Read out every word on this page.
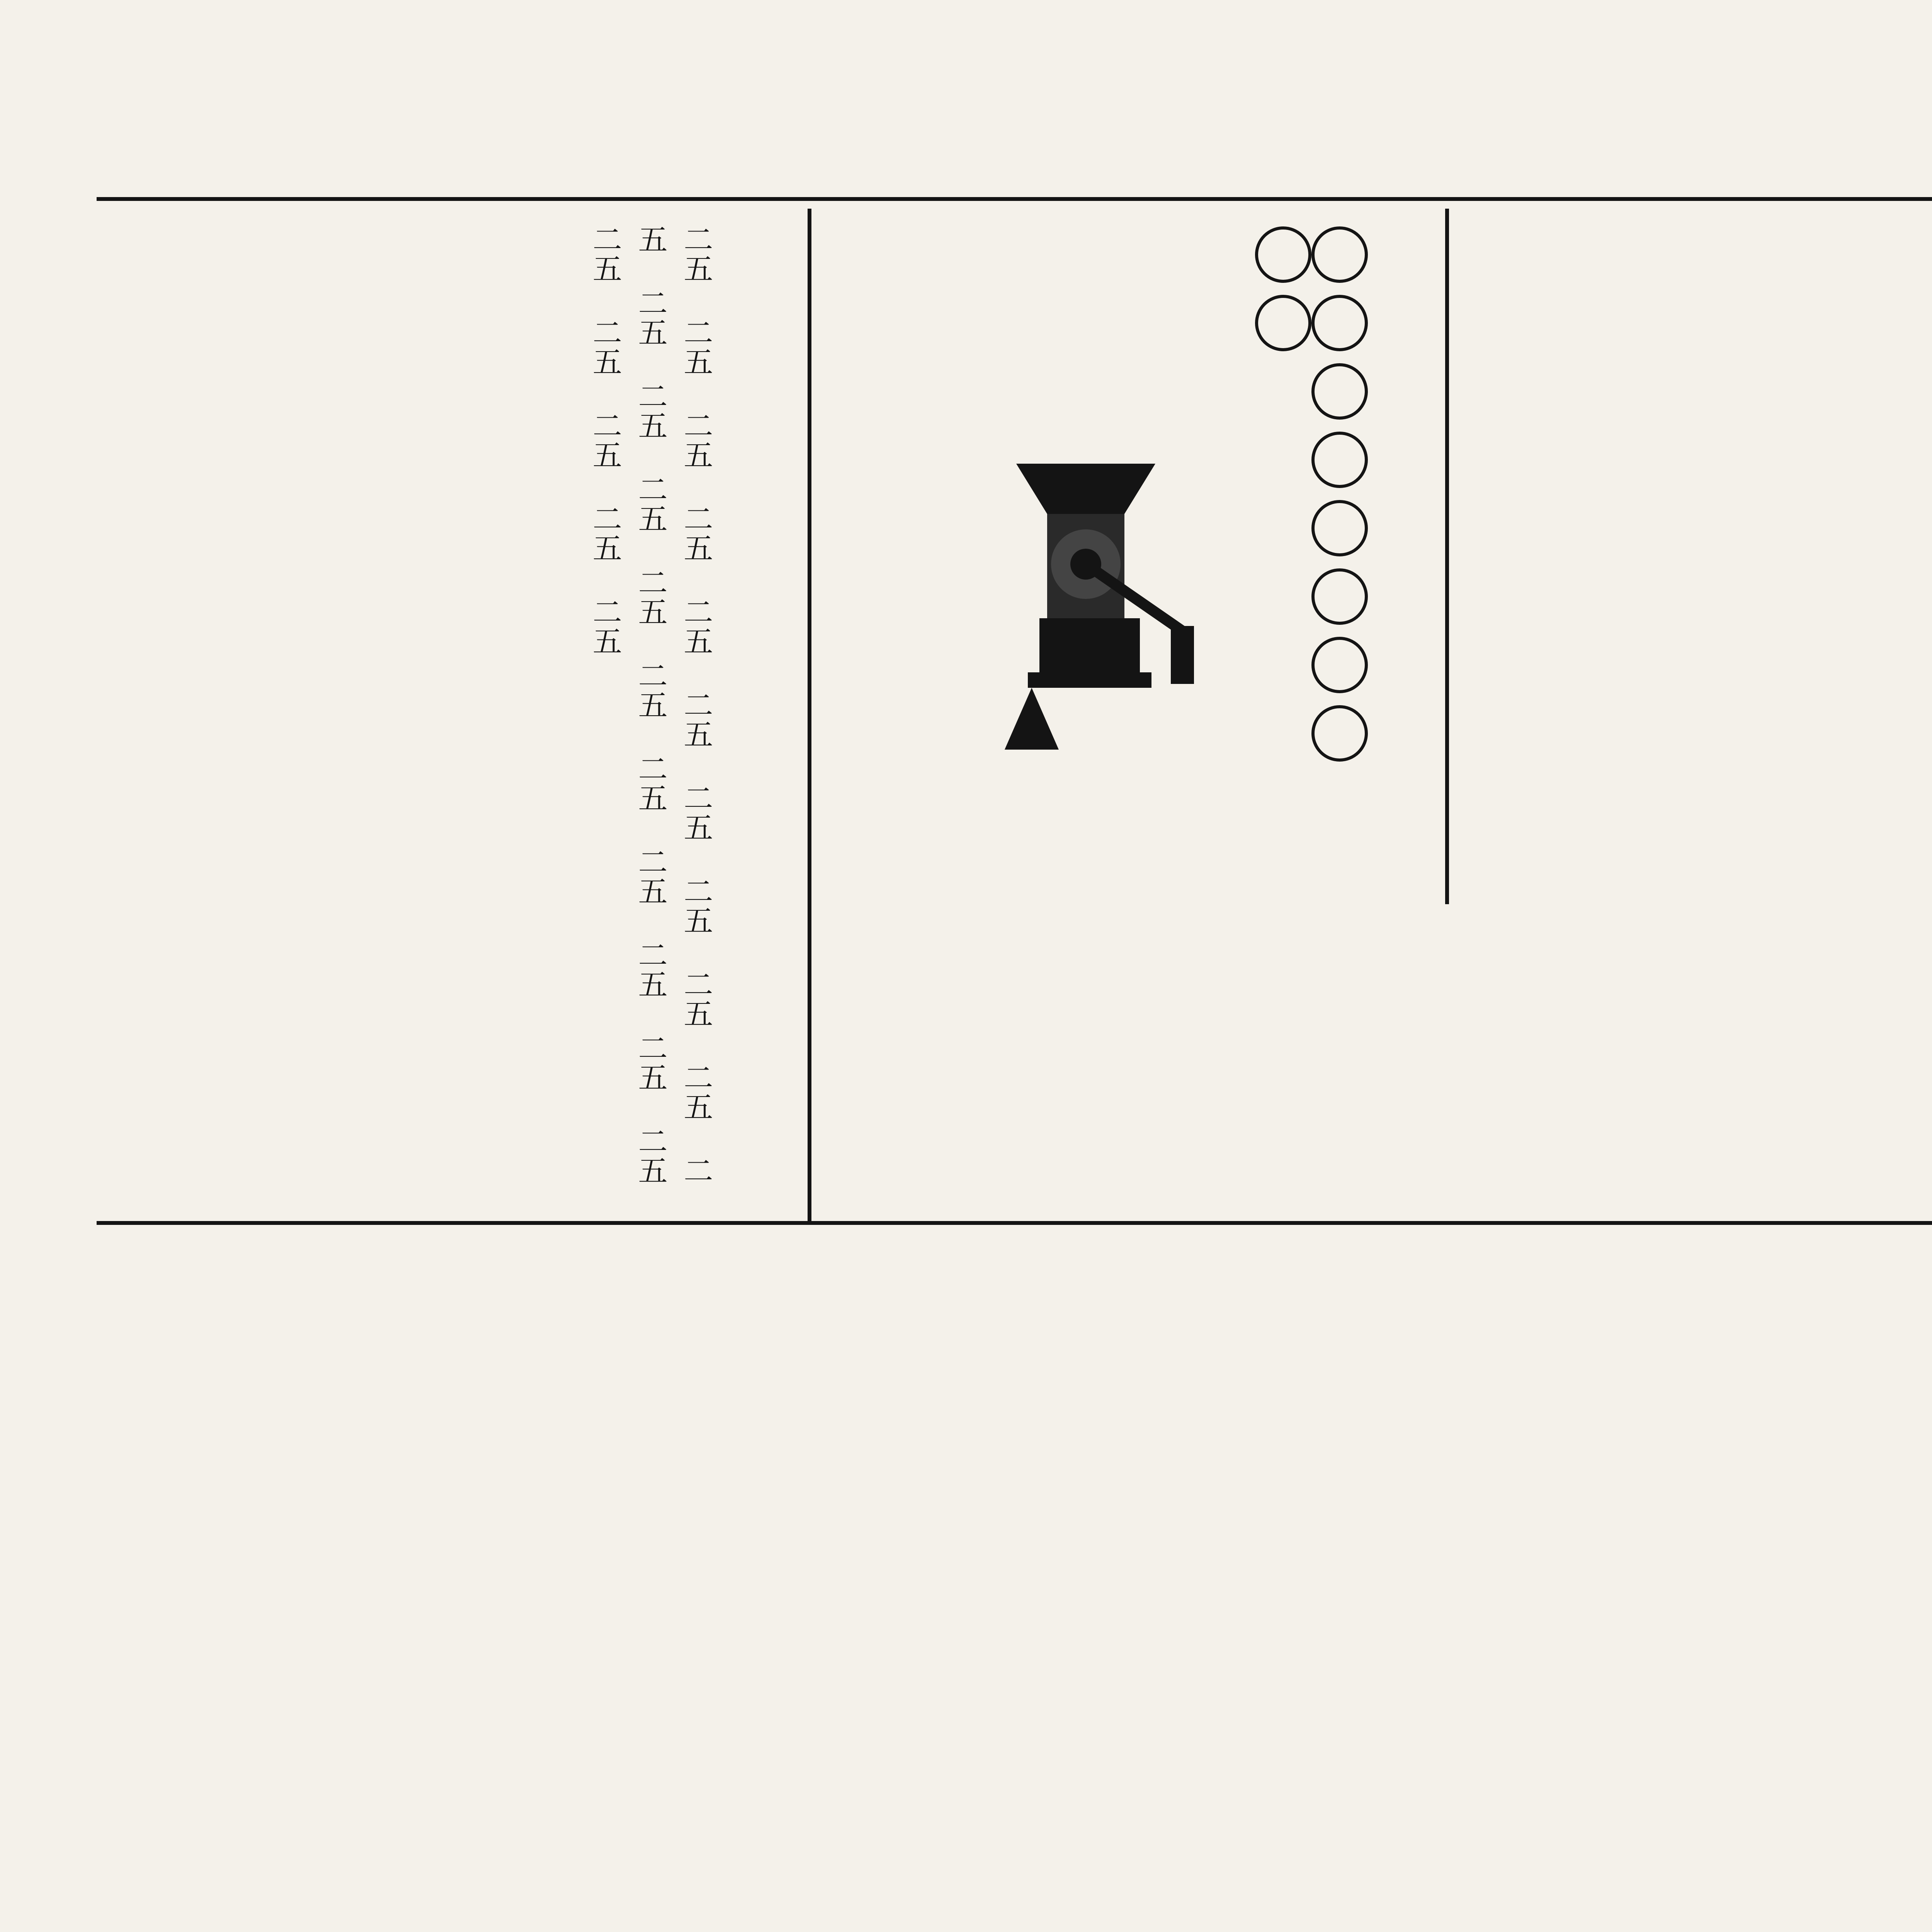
二五 二五 二五 二五 二五 二五 二五 二五 二五 二五 二五 二五 二五 二五 二五 二五 二五 二五 二五 二五 二五 二五 二五 二五 二五 二五
